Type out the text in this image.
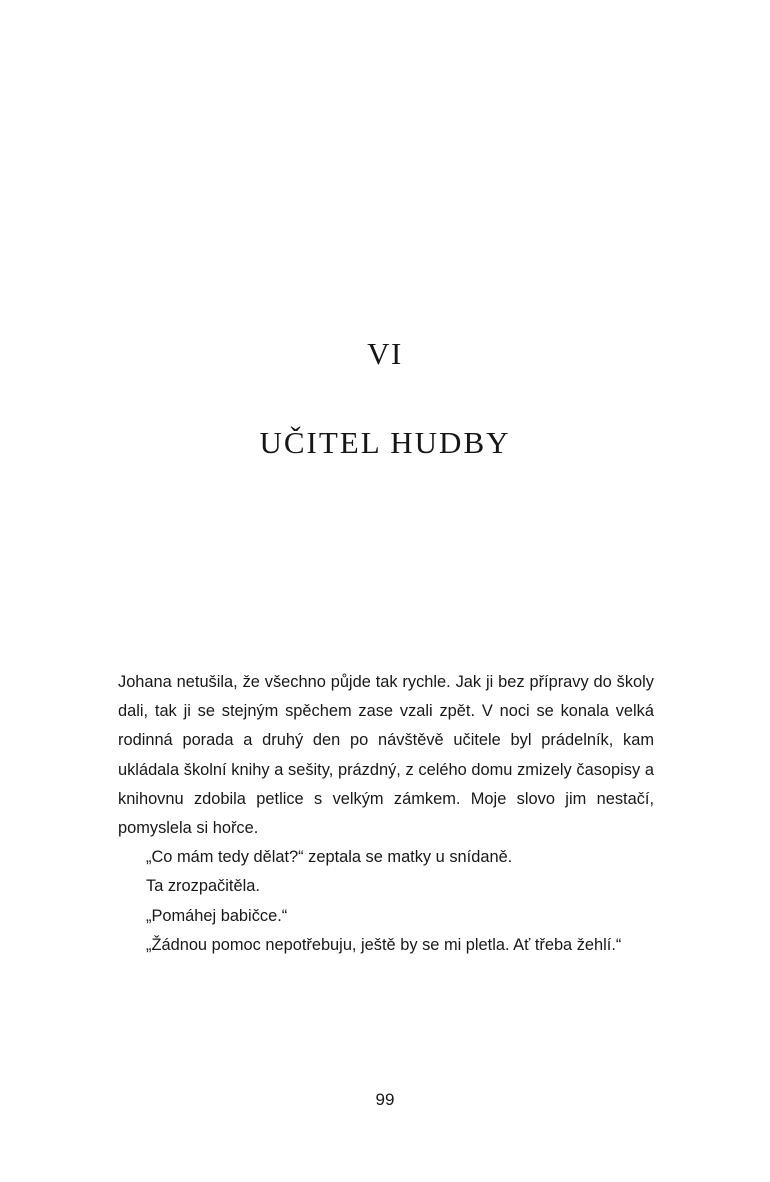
VI
UČITEL HUDBY

Johana netušila, že všechno půjde tak rychle. Jak ji bez přípravy do školy dali, tak ji se stejným spěchem zase vzali zpět. V noci se konala velká rodinná porada a druhý den po návštěvě učitele byl prádelník, kam ukládala školní knihy a sešity, prázdný, z celého domu zmizely časopisy a knihovnu zdobila petlice s velkým zámkem. Moje slovo jim nestačí, pomyslela si hořce.

„Co mám tedy dělat?“ zeptala se matky u snídaně.

Ta zrozpačitěla.

„Pomáhej babičce.“

„Žádnou pomoc nepotřebuju, ještě by se mi pletla. Ať třeba žehlí.“

99
